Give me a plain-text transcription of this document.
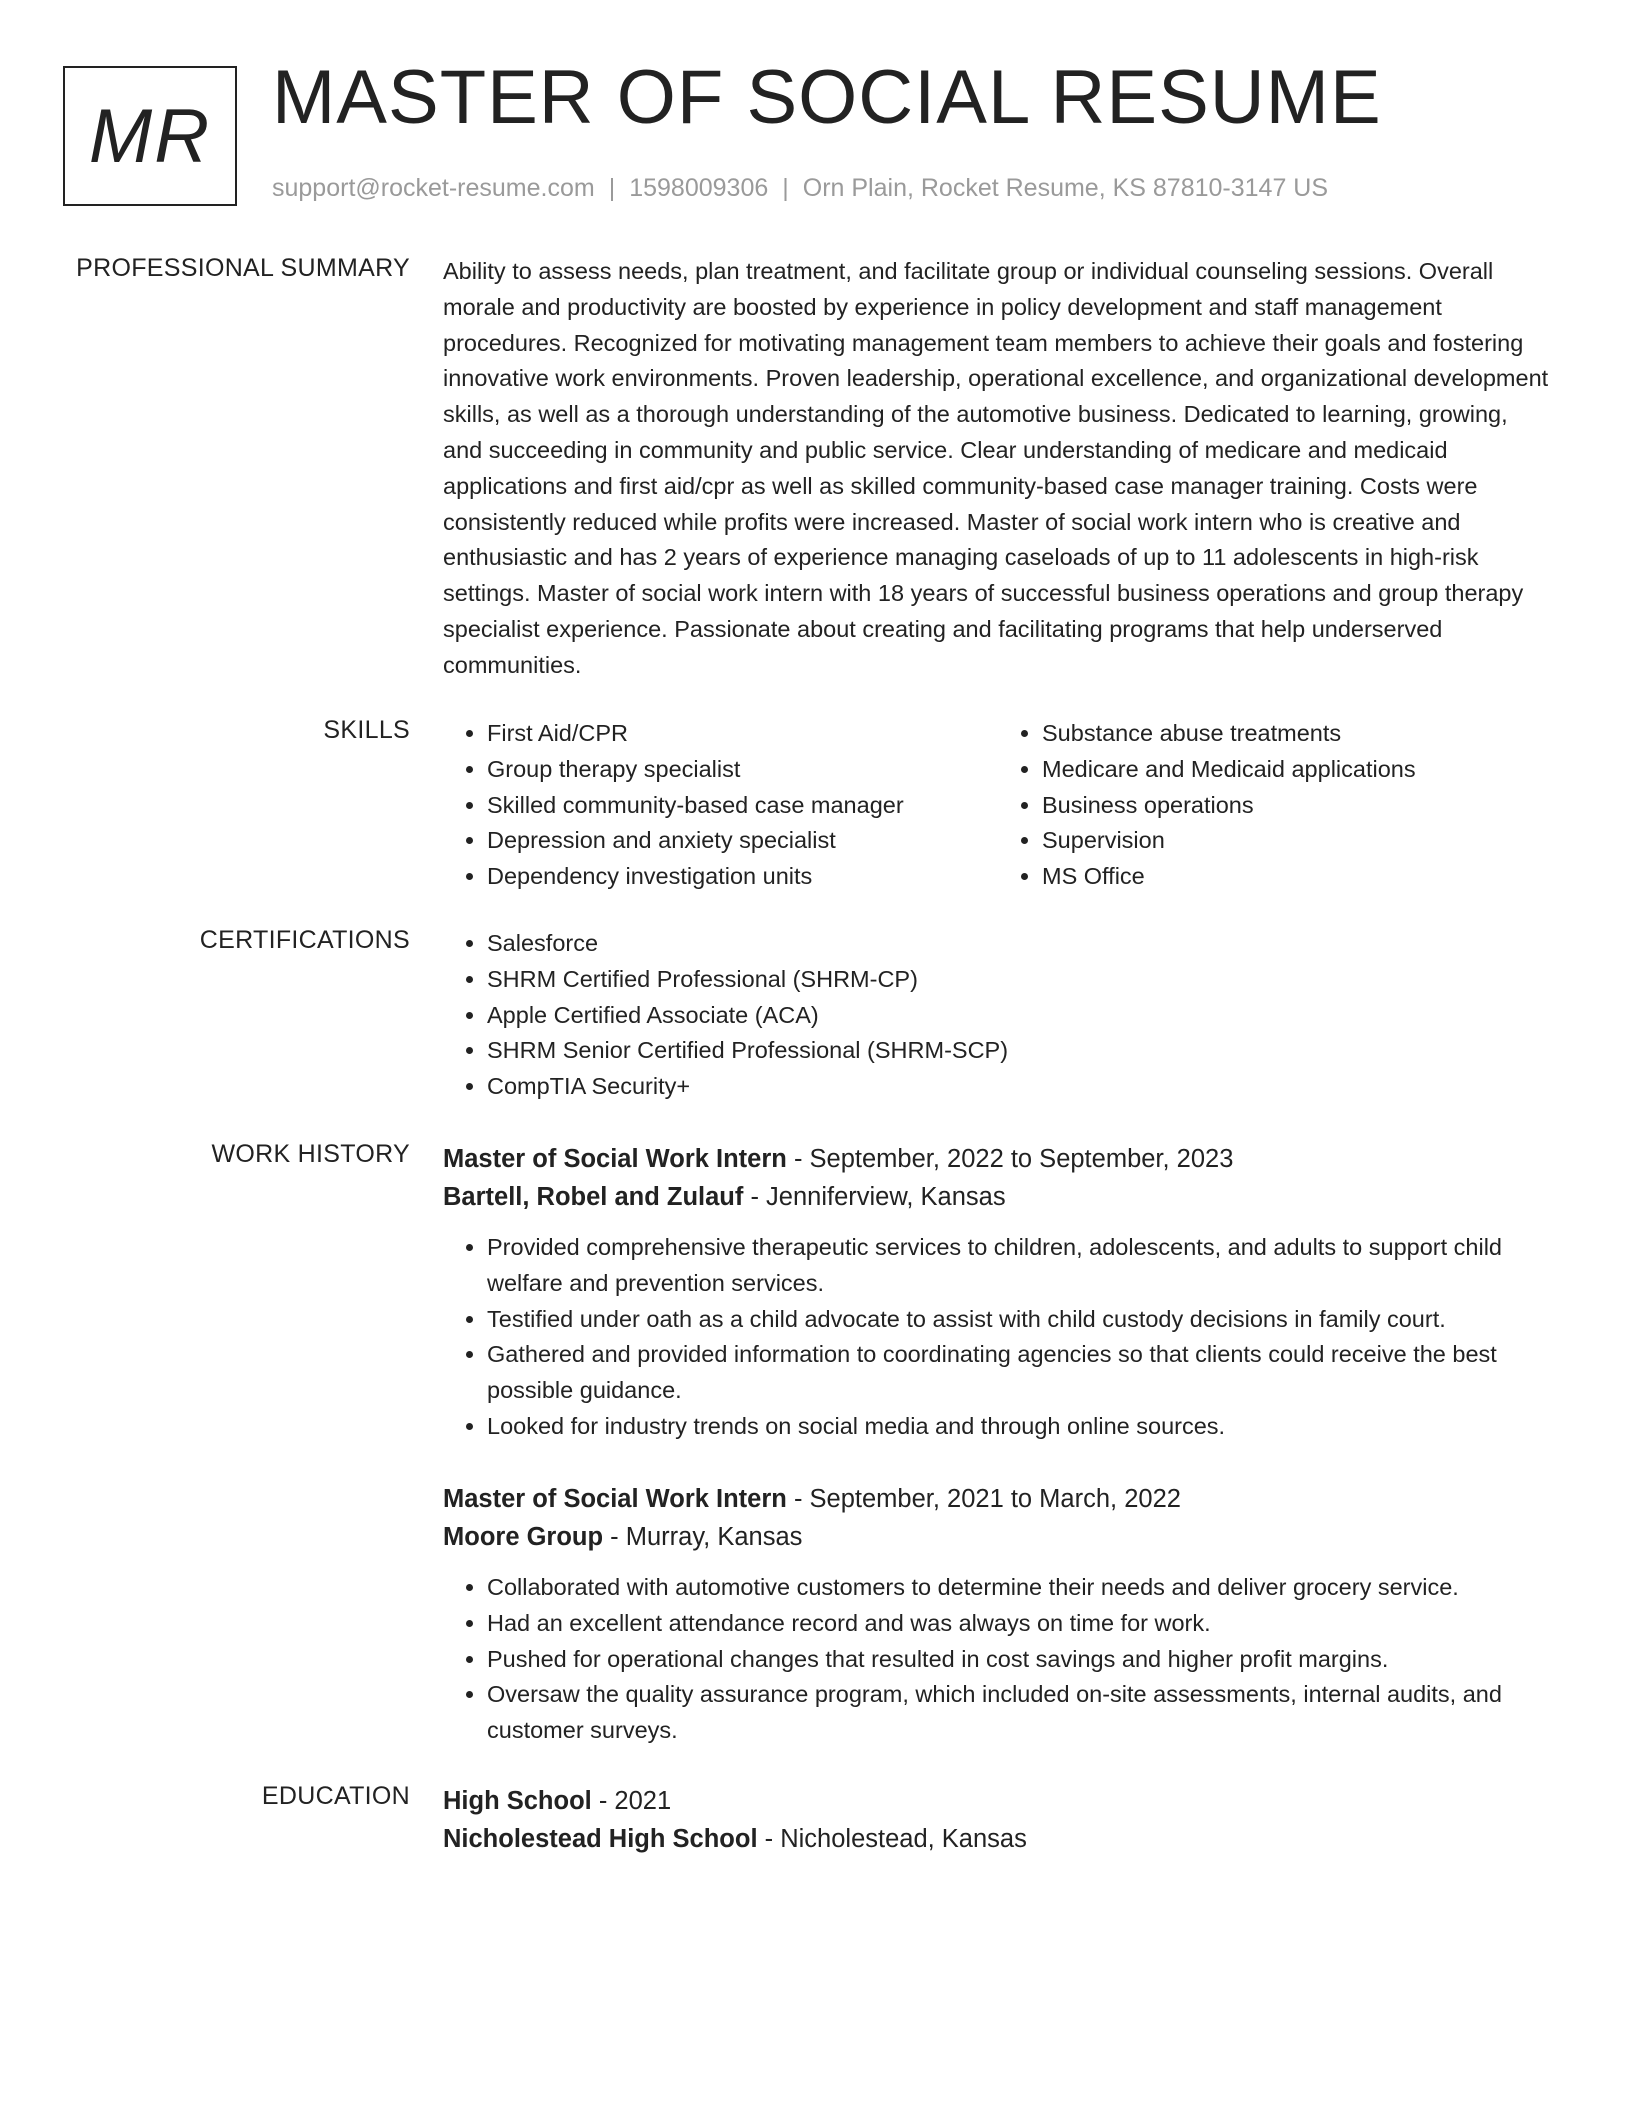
MR MASTER OF SOCIAL RESUME
support@rocket-resume.com | 1598009306 | Orn Plain, Rocket Resume, KS 87810-3147 US
PROFESSIONAL SUMMARY Ability to assess needs, plan treatment, and facilitate group or individual counseling sessions. Overall morale and productivity are boosted by experience in policy development and staff management procedures. Recognized for motivating management team members to achieve their goals and fostering innovative work environments. Proven leadership, operational excellence, and organizational development skills, as well as a thorough understanding of the automotive business. Dedicated to learning, growing, and succeeding in community and public service. Clear understanding of medicare and medicaid applications and first aid/cpr as well as skilled community-based case manager training. Costs were consistently reduced while profits were increased. Master of social work intern who is creative and enthusiastic and has 2 years of experience managing caseloads of up to 11 adolescents in high-risk settings. Master of social work intern with 18 years of successful business operations and group therapy specialist experience. Passionate about creating and facilitating programs that help underserved communities.
SKILLS	• First Aid/CPR
• Group therapy specialist
• Skilled community-based case manager
• Depression and anxiety specialist
• Dependency investigation units
• Substance abuse treatments
• Medicare and Medicaid applications
• Business operations
• Supervision
• MS Office
CERTIFICATIONS	• Salesforce
• SHRM Certified Professional (SHRM-CP)
• Apple Certified Associate (ACA)
• SHRM Senior Certified Professional (SHRM-SCP)
• CompTIA Security+
WORK HISTORY Master of Social Work Intern - September, 2022 to September, 2023
Bartell, Robel and Zulauf - Jenniferview, Kansas
• Provided comprehensive therapeutic services to children, adolescents, and adults to support child welfare and prevention services.
• Testified under oath as a child advocate to assist with child custody decisions in family court.
• Gathered and provided information to coordinating agencies so that clients could receive the best possible guidance.
• Looked for industry trends on social media and through online sources.
Master of Social Work Intern - September, 2021 to March, 2022
Moore Group - Murray, Kansas
• Collaborated with automotive customers to determine their needs and deliver grocery service.
• Had an excellent attendance record and was always on time for work.
• Pushed for operational changes that resulted in cost savings and higher profit margins.
• Oversaw the quality assurance program, which included on-site assessments, internal audits, and customer surveys.
EDUCATION High School - 2021
Nicholestead High School - Nicholestead, Kansas
